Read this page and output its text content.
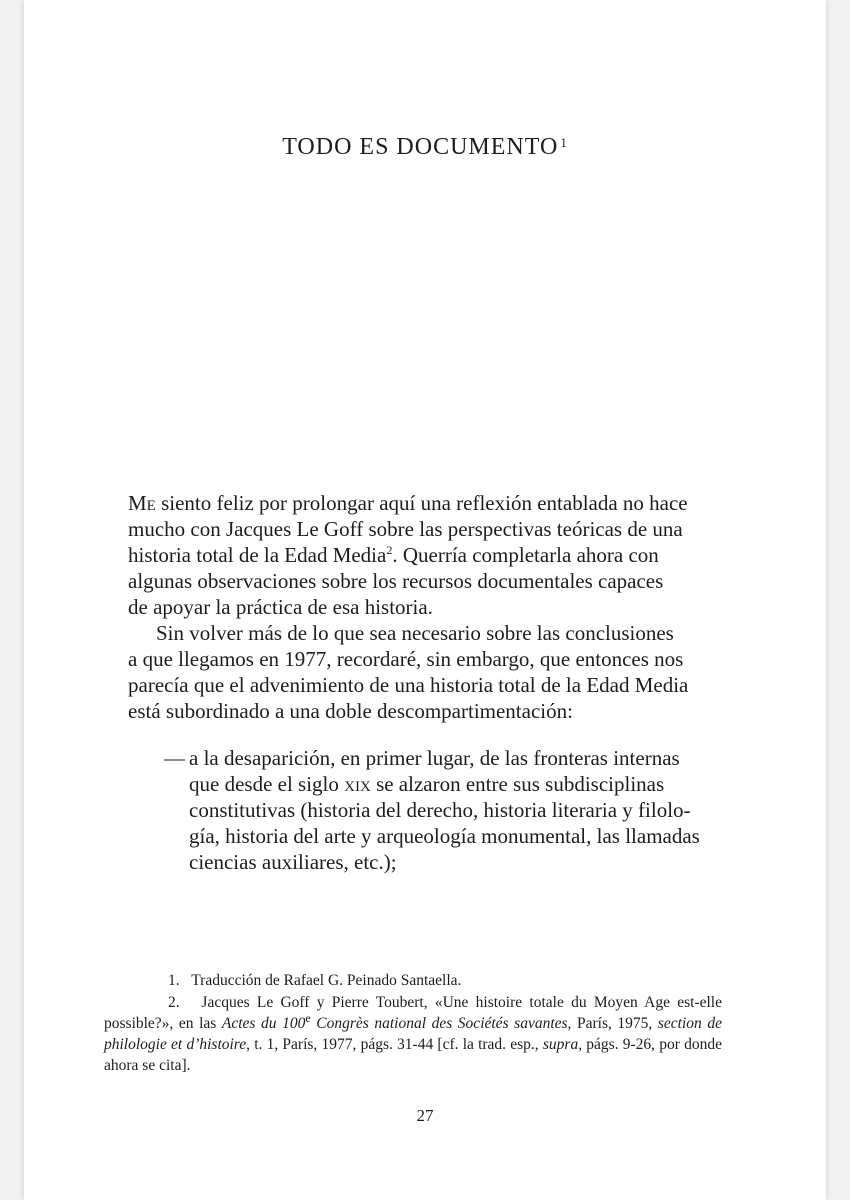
TODO ES DOCUMENTO $^1$

Me siento feliz por prolongar aquí una reflexión entablada no hace
mucho con Jacques Le Goff sobre las perspectivas teóricas de una
historia total de la Edad Media$^2$. Querría completarla ahora con
algunas observaciones sobre los recursos documentales capaces
de apoyar la práctica de esa historia.

Sin volver más de lo que sea necesario sobre las conclusiones
a que llegamos en 1977, recordaré, sin embargo, que entonces nos
parecía que el advenimiento de una historia total de la Edad Media
está subordinado a una doble descompartimentación:

— a la desaparición, en primer lugar, de las fronteras internas
que desde el siglo xix se alzaron entre sus subdisciplinas
constitutivas (historia del derecho, historia literaria y filolo-
gía, historia del arte y arqueología monumental, las llamadas
ciencias auxiliares, etc.);

1. Traducción de Rafael G. Peinado Santaella.

2. Jacques Le Goff y Pierre Toubert, «Une histoire totale du Moyen Age est-elle possible?», en las Actes du 100e Congrès national des Sociétés savantes, París, 1975, section de philologie et d’histoire, t. 1, París, 1977, págs. 31-44 [cf. la trad. esp., supra, págs. 9-26, por donde ahora se cita].

27
